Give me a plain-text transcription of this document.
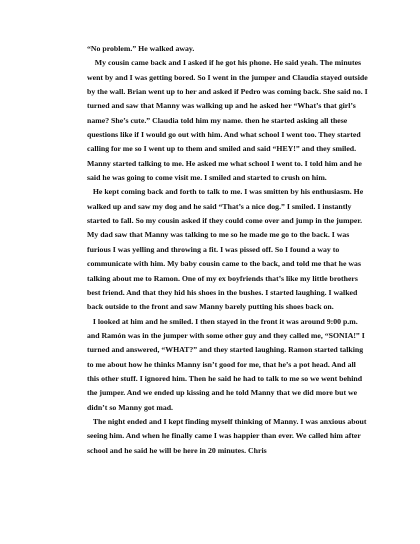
“No problem.” He walked away.

My cousin came back and I asked if he got his phone. He said yeah. The minutes went by and I was getting bored. So I went in the jumper and Claudia stayed outside by the wall. Brian went up to her and asked if Pedro was coming back. She said no. I turned and saw that Manny was walking up and he asked her “What’s that girl’s name? She’s cute.” Claudia told him my name. then he started asking all these questions like if I would go out with him. And what school I went too. They started calling for me so I went up to them and smiled and said “HEY!” and they smiled. Manny started talking to me. He asked me what school I went to. I told him and he said he was going to come visit me. I smiled and started to crush on him.

He kept coming back and forth to talk to me. I was smitten by his enthusiasm. He walked up and saw my dog and he said “That’s a nice dog.” I smiled. I instantly started to fall. So my cousin asked if they could come over and jump in the jumper. My dad saw that Manny was talking to me so he made me go to the back. I was furious I was yelling and throwing a fit. I was pissed off. So I found a way to communicate with him. My baby cousin came to the back, and told me that he was talking about me to Ramon. One of my ex boyfriends that’s like my little brothers best friend. And that they hid his shoes in the bushes. I started laughing. I walked back outside to the front and saw Manny barely putting his shoes back on.

I looked at him and he smiled. I then stayed in the front it was around 9:00 p.m. and Ramón was in the jumper with some other guy and they called me, “SONIA!” I turned and answered, “WHAT?” and they started laughing. Ramon started talking to me about how he thinks Manny isn’t good for me, that he’s a pot head. And all this other stuff. I ignored him. Then he said he had to talk to me so we went behind the jumper. And we ended up kissing and he told Manny that we did more but we didn’t so Manny got mad.

The night ended and I kept finding myself thinking of Manny. I was anxious about seeing him. And when he finally came I was happier than ever. We called him after school and he said he will be here in 20 minutes. Chris
